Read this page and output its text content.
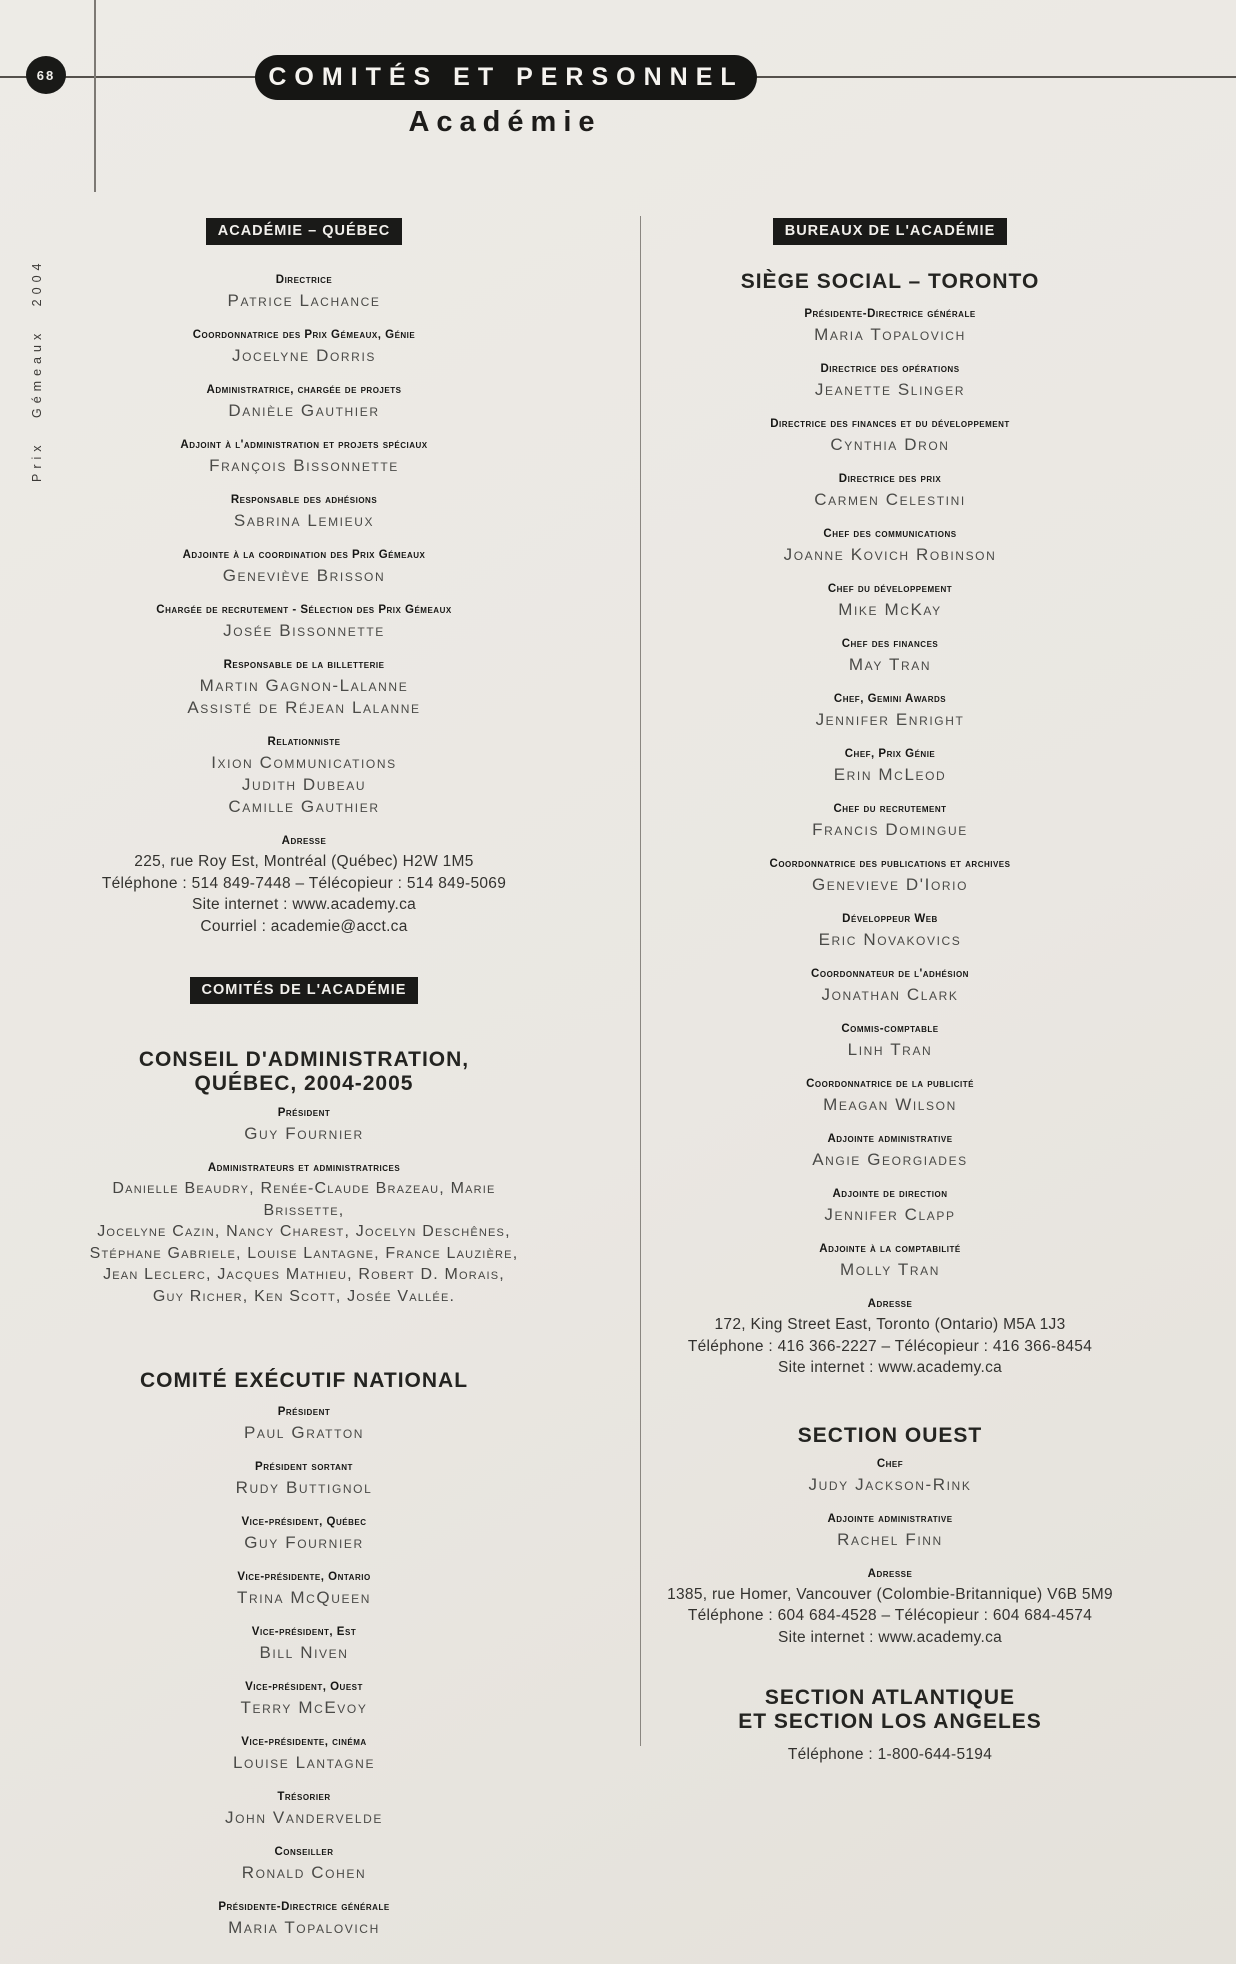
68	COMITÉS ET PERSONNEL
Académie
Prix Gémeaux 2004
ACADÉMIE – QUÉBEC
Directrice
Patrice Lachance
Coordonnatrice des Prix Gémeaux, Génie
Jocelyne Dorris
Administratrice, chargée de projets
Danièle Gauthier
Adjoint à l'administration et projets spéciaux
François Bissonnette
Responsable des adhésions
Sabrina Lemieux
Adjointe à la coordination des Prix Gémeaux
Geneviève Brisson
Chargée de recrutement - Sélection des Prix Gémeaux
Josée Bissonnette
Responsable de la billetterie
Martin Gagnon-Lalanne
Assisté de Réjean Lalanne
Relationniste
Ixion Communications
Judith Dubeau
Camille Gauthier
Adresse
225, rue Roy Est, Montréal (Québec) H2W 1M5
Téléphone : 514 849-7448 – Télécopieur : 514 849-5069
Site internet : www.academy.ca
Courriel : academie@acct.ca
COMITÉS DE L'ACADÉMIE
CONSEIL D'ADMINISTRATION,
QUÉBEC, 2004-2005
Président
Guy Fournier
Administrateurs et administratrices
Danielle Beaudry, Renée-Claude Brazeau, Marie Brissette,
Jocelyne Cazin, Nancy Charest, Jocelyn Deschênes,
Stéphane Gabriele, Louise Lantagne, France Lauzière,
Jean Leclerc, Jacques Mathieu, Robert D. Morais,
Guy Richer, Ken Scott, Josée Vallée.
COMITÉ EXÉCUTIF NATIONAL
Président
Paul Gratton
Président sortant
Rudy Buttignol
Vice-président, Québec
Guy Fournier
Vice-présidente, Ontario
Trina McQueen
Vice-président, Est
Bill Niven
Vice-président, Ouest
Terry McEvoy
Vice-présidente, cinéma
Louise Lantagne
Trésorier
John Vandervelde
Conseiller
Ronald Cohen
Présidente-Directrice générale
Maria Topalovich
BUREAUX DE L'ACADÉMIE
SIÈGE SOCIAL – TORONTO
Présidente-Directrice générale
Maria Topalovich
Directrice des opérations
Jeanette Slinger
Directrice des finances et du développement
Cynthia Dron
Directrice des prix
Carmen Celestini
Chef des communications
Joanne Kovich Robinson
Chef du développement
Mike McKay
Chef des finances
May Tran
Chef, Gemini Awards
Jennifer Enright
Chef, Prix Génie
Erin McLeod
Chef du recrutement
Francis Domingue
Coordonnatrice des publications et archives
Genevieve D'Iorio
Développeur Web
Eric Novakovics
Coordonnateur de l'adhésion
Jonathan Clark
Commis-comptable
Linh Tran
Coordonnatrice de la publicité
Meagan Wilson
Adjointe administrative
Angie Georgiades
Adjointe de direction
Jennifer Clapp
Adjointe à la comptabilité
Molly Tran
Adresse
172, King Street East, Toronto (Ontario) M5A 1J3
Téléphone : 416 366-2227 – Télécopieur : 416 366-8454
Site internet : www.academy.ca
SECTION OUEST
Chef
Judy Jackson-Rink
Adjointe administrative
Rachel Finn
Adresse
1385, rue Homer, Vancouver (Colombie-Britannique) V6B 5M9
Téléphone : 604 684-4528 – Télécopieur : 604 684-4574
Site internet : www.academy.ca
SECTION ATLANTIQUE
ET SECTION LOS ANGELES
Téléphone : 1-800-644-5194
